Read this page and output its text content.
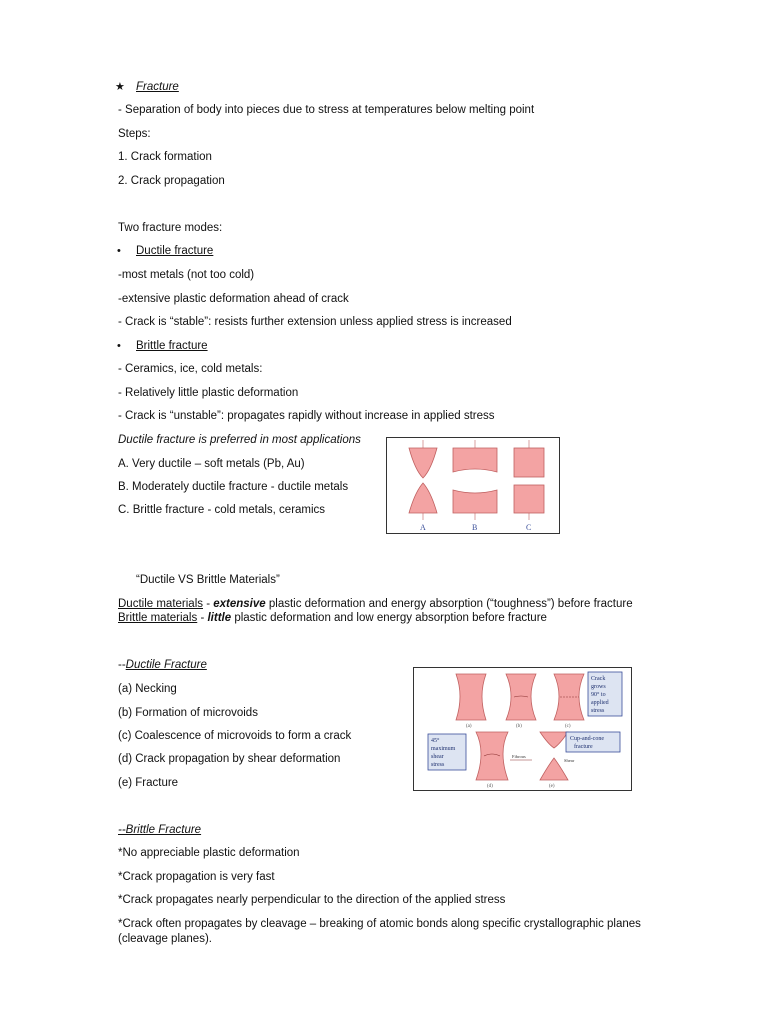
★ Fracture
- Separation of body into pieces due to stress at temperatures below melting point
Steps:
1. Crack formation
2. Crack propagation
Two fracture modes:
• Ductile fracture
-most metals (not too cold)
-extensive plastic deformation ahead of crack
- Crack is “stable”: resists further extension unless applied stress is increased
• Brittle fracture
- Ceramics, ice, cold metals:
- Relatively little plastic deformation
- Crack is “unstable”: propagates rapidly without increase in applied stress
Ductile fracture is preferred in most applications
A. Very ductile – soft metals (Pb, Au)
B. Moderately ductile fracture - ductile metals
C. Brittle fracture - cold metals, ceramics
A	B	C
“Ductile VS Brittle Materials”
Ductile materials - extensive plastic deformation and energy absorption (“toughness”) before fracture
Brittle materials - little plastic deformation and low energy absorption before fracture
--Ductile Fracture
(a) Necking
(b) Formation of microvoids
(c) Coalescence of microvoids to form a crack
(d) Crack propagation by shear deformation
(e) Fracture
Crack grows 90° to applied stress
Cup-and-cone fracture
45° maximum shear stress
Fibrous
Shear
(a)	(b)	(c)
(d)	(e)
--Brittle Fracture
*No appreciable plastic deformation
*Crack propagation is very fast
*Crack propagates nearly perpendicular to the direction of the applied stress
*Crack often propagates by cleavage – breaking of atomic bonds along specific crystallographic planes
(cleavage planes).
